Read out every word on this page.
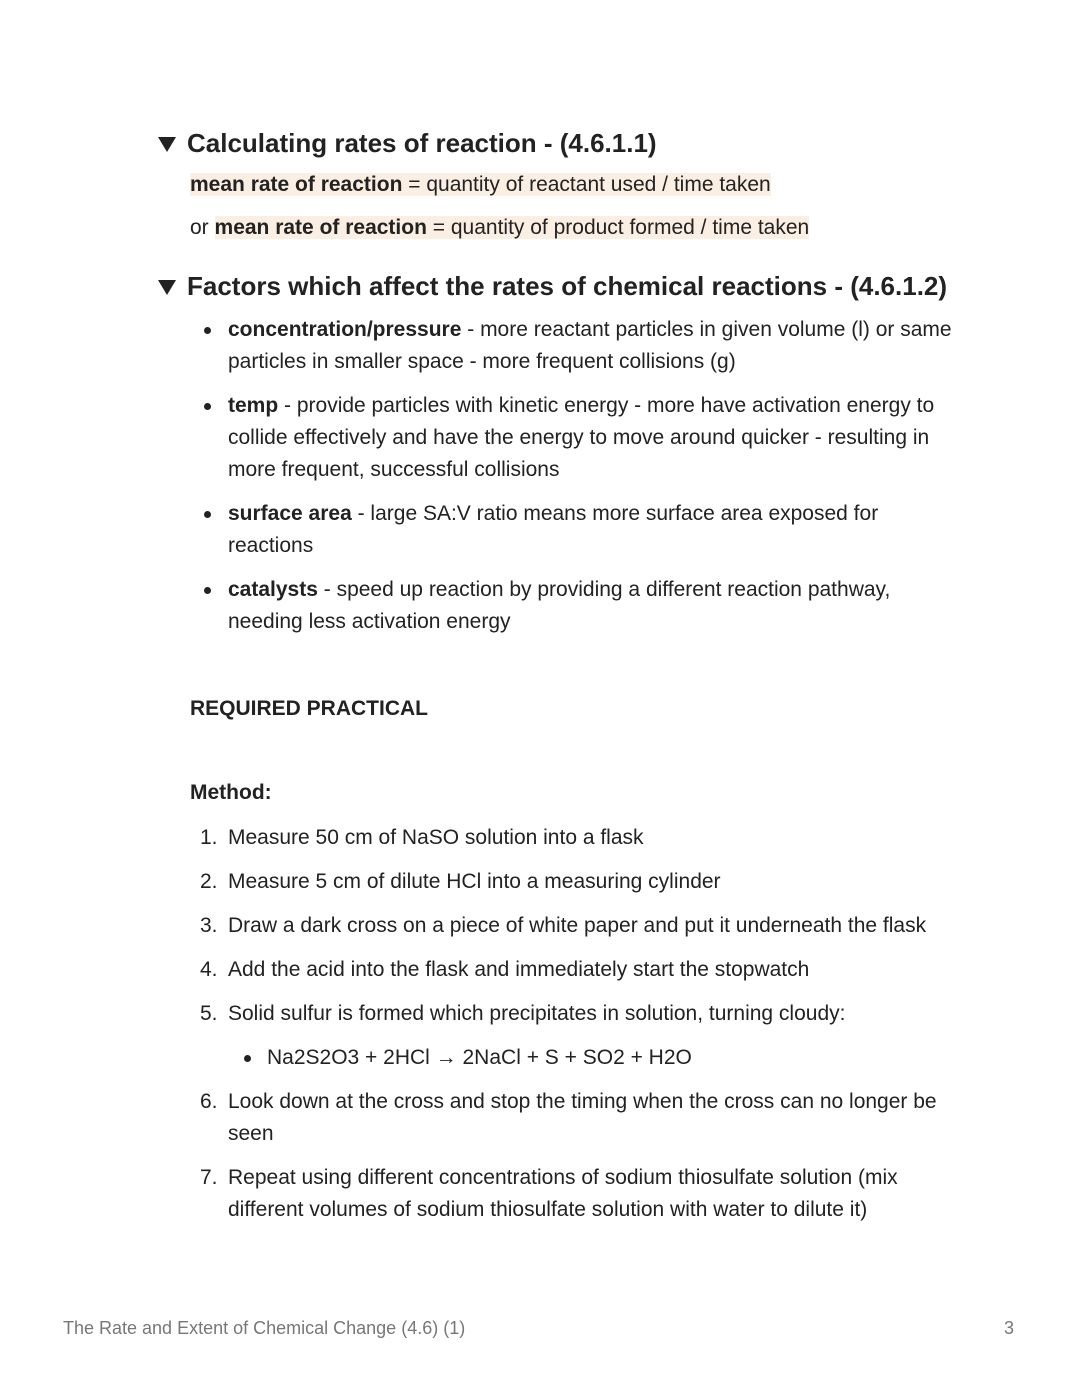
Calculating rates of reaction - (4.6.1.1)
mean rate of reaction = quantity of reactant used / time taken
or mean rate of reaction = quantity of product formed / time taken
Factors which affect the rates of chemical reactions - (4.6.1.2)
concentration/pressure - more reactant particles in given volume (l) or same particles in smaller space - more frequent collisions (g)
temp - provide particles with kinetic energy - more have activation energy to collide effectively and have the energy to move around quicker - resulting in more frequent, successful collisions
surface area - large SA:V ratio means more surface area exposed for reactions
catalysts - speed up reaction by providing a different reaction pathway, needing less activation energy
REQUIRED PRACTICAL
Method:
1. Measure 50 cm of NaSO solution into a flask
2. Measure 5 cm of dilute HCl into a measuring cylinder
3. Draw a dark cross on a piece of white paper and put it underneath the flask
4. Add the acid into the flask and immediately start the stopwatch
5. Solid sulfur is formed which precipitates in solution, turning cloudy:
Na2S2O3 + 2HCl → 2NaCl + S + SO2 + H2O
6. Look down at the cross and stop the timing when the cross can no longer be seen
7. Repeat using different concentrations of sodium thiosulfate solution (mix different volumes of sodium thiosulfate solution with water to dilute it)
The Rate and Extent of Chemical Change (4.6) (1)	3
